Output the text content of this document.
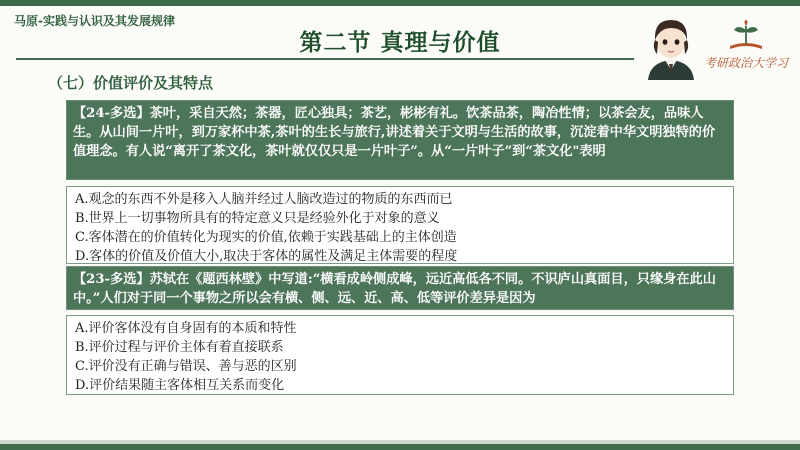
马原-实践与认识及其发展规律
第二节 真理与价值
（七）价值评价及其特点
考研政治大学习
【24-多选】茶叶，采自天然；茶器，匠心独具；茶艺，彬彬有礼。饮茶品茶，陶冶性情；以茶会友，品味人生。从山间一片叶，到万家杯中茶,茶叶的生长与旅行,讲述着关于文明与生活的故事，沉淀着中华文明独特的价值理念。有人说“离开了茶文化，茶叶就仅仅只是一片叶子”。从“一片叶子”到“茶文化"表明
A.观念的东西不外是移入人脑并经过人脑改造过的物质的东西而已
B.世界上一切事物所具有的特定意义只是经验外化于对象的意义
C.客体潜在的价值转化为现实的价值,依赖于实践基础上的主体创造
D.客体的价值及价值大小,取决于客体的属性及满足主体需要的程度
【23-多选】苏轼在《题西林壁》中写道:“横看成岭侧成峰，远近高低各不同。不识庐山真面目，只缘身在此山中。”人们对于同一个事物之所以会有横、侧、远、近、高、低等评价差异是因为
A.评价客体没有自身固有的本质和特性
B.评价过程与评价主体有着直接联系
C.评价没有正确与错误、善与恶的区别
D.评价结果随主客体相互关系而变化
